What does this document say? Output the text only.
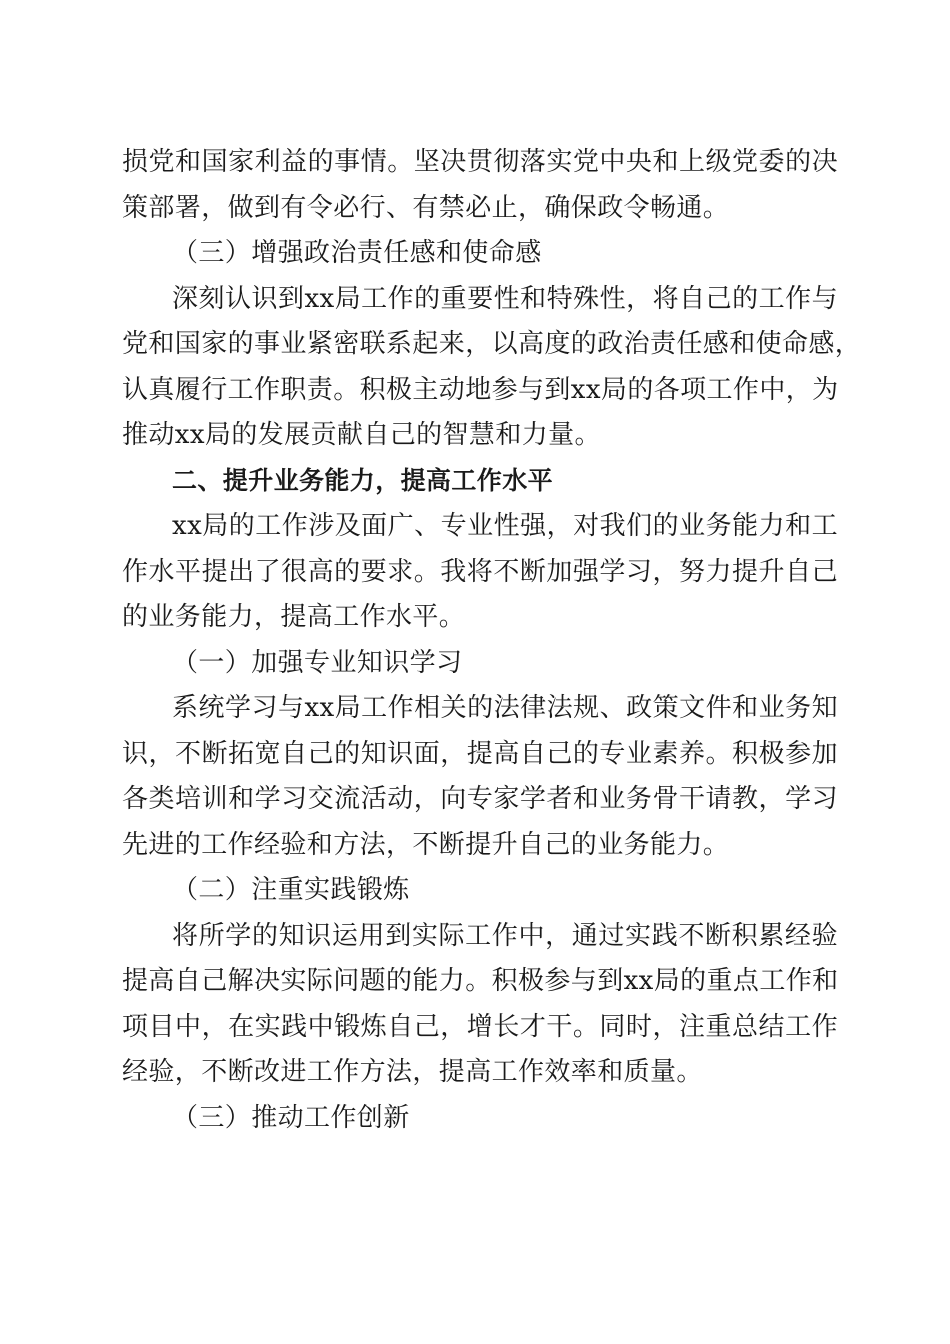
损党和国家利益的事情。坚决贯彻落实党中央和上级党委的决
策部署，做到有令必行、有禁必止，确保政令畅通。
（三）增强政治责任感和使命感
深刻认识到xx局工作的重要性和特殊性，将自己的工作与
党和国家的事业紧密联系起来，以高度的政治责任感和使命感，
认真履行工作职责。积极主动地参与到xx局的各项工作中，为
推动xx局的发展贡献自己的智慧和力量。
二、提升业务能力，提高工作水平
xx局的工作涉及面广、专业性强，对我们的业务能力和工
作水平提出了很高的要求。我将不断加强学习，努力提升自己
的业务能力，提高工作水平。
（一）加强专业知识学习
系统学习与xx局工作相关的法律法规、政策文件和业务知
识，不断拓宽自己的知识面，提高自己的专业素养。积极参加
各类培训和学习交流活动，向专家学者和业务骨干请教，学习
先进的工作经验和方法，不断提升自己的业务能力。
（二）注重实践锻炼
将所学的知识运用到实际工作中，通过实践不断积累经验
提高自己解决实际问题的能力。积极参与到xx局的重点工作和
项目中，在实践中锻炼自己，增长才干。同时，注重总结工作
经验，不断改进工作方法，提高工作效率和质量。
（三）推动工作创新
